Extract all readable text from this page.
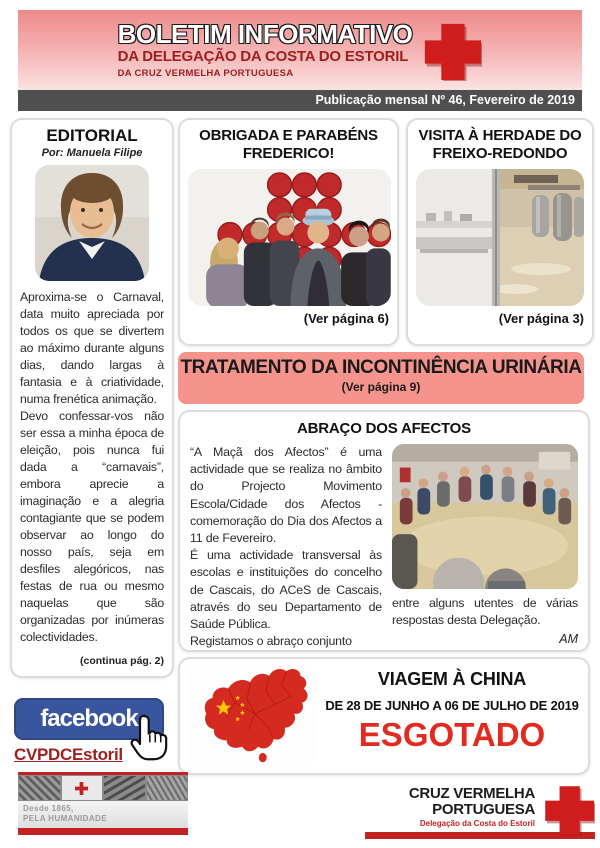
BOLETIM INFORMATIVO
DA DELEGAÇÃO DA COSTA DO ESTORIL
DA CRUZ VERMELHA PORTUGUESA
Publicação mensal Nº 46, Fevereiro de 2019
EDITORIAL
Por: Manuela Filipe
Aproxima-se o Carnaval, data muito apreciada por todos os que se divertem ao máximo durante alguns dias, dando largas à fantasia e à criatividade, numa frenética animação.
Devo confessar-vos não ser essa a minha época de eleição, pois nunca fui dada a “carnavais”, embora aprecie a imaginação e a alegria contagiante que se podem observar ao longo do nosso país, seja em desfiles alegóricos, nas festas de rua ou mesmo naquelas que são organizadas por inúmeras colectividades.
(continua pág. 2)
OBRIGADA E PARABÉNS FREDERICO!
(Ver página 6)
VISITA À HERDADE DO FREIXO-REDONDO
(Ver página 3)
TRATAMENTO DA INCONTINÊNCIA URINÁRIA
(Ver página 9)
ABRAÇO DOS AFECTOS
“A Maçã dos Afectos” é uma actividade que se realiza no âmbito do Projecto Movimento Escola/Cidade dos Afectos - comemoração do Dia dos Afectos a 11 de Fevereiro.
É uma actividade transversal às escolas e instituições do concelho de Cascais, do ACeS de Cascais, através do seu Departamento de Saúde Pública.
Registamos o abraço conjunto
entre alguns utentes de várias respostas desta Delegação.
AM
VIAGEM À CHINA
DE 28 DE JUNHO A 06 DE JULHO DE 2019
ESGOTADO
facebook
CVPDCEstoril
Desde 1865,
PELA HUMANIDADE
CRUZ VERMELHA
PORTUGUESA
Delegação da Costa do Estoril
